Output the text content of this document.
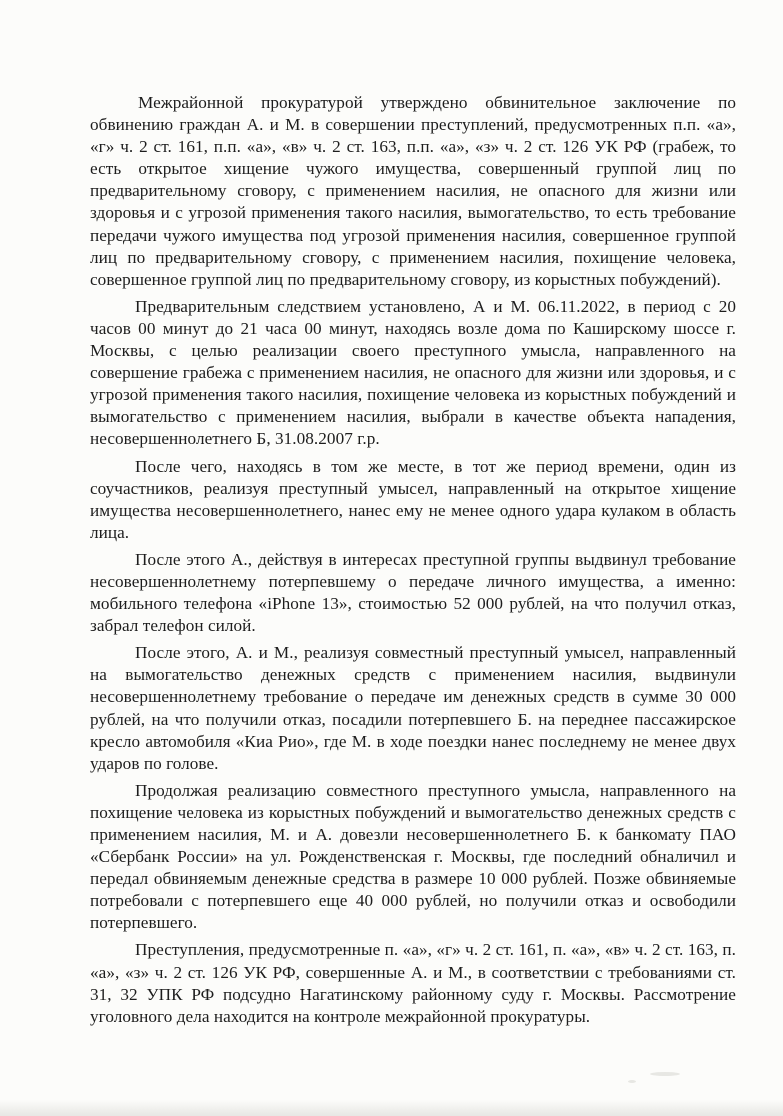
Межрайонной прокуратурой утверждено обвинительное заключение по обвинению граждан А. и М. в совершении преступлений, предусмотренных п.п. «а», «г» ч. 2 ст. 161, п.п. «а», «в» ч. 2 ст. 163, п.п. «а», «з» ч. 2 ст. 126 УК РФ (грабеж, то есть открытое хищение чужого имущества, совершенный группой лиц по предварительному сговору, с применением насилия, не опасного для жизни или здоровья и с угрозой применения такого насилия, вымогательство, то есть требование передачи чужого имущества под угрозой применения насилия, совершенное группой лиц по предварительному сговору, с применением насилия, похищение человека, совершенное группой лиц по предварительному сговору, из корыстных побуждений).

Предварительным следствием установлено, А и М. 06.11.2022, в период с 20 часов 00 минут до 21 часа 00 минут, находясь возле дома по Каширскому шоссе г. Москвы, с целью реализации своего преступного умысла, направленного на совершение грабежа с применением насилия, не опасного для жизни или здоровья, и с угрозой применения такого насилия, похищение человека из корыстных побуждений и вымогательство с применением насилия, выбрали в качестве объекта нападения, несовершеннолетнего Б, 31.08.2007 г.р.

После чего, находясь в том же месте, в тот же период времени, один из соучастников, реализуя преступный умысел, направленный на открытое хищение имущества несовершеннолетнего, нанес ему не менее одного удара кулаком в область лица.

После этого А., действуя в интересах преступной группы выдвинул требование несовершеннолетнему потерпевшему о передаче личного имущества, а именно: мобильного телефона «iPhone 13», стоимостью 52 000 рублей, на что получил отказ, забрал телефон силой.

После этого, А. и М., реализуя совместный преступный умысел, направленный на вымогательство денежных средств с применением насилия, выдвинули несовершеннолетнему требование о передаче им денежных средств в сумме 30 000 рублей, на что получили отказ, посадили потерпевшего Б. на переднее пассажирское кресло автомобиля «Киа Рио», где М. в ходе поездки нанес последнему не менее двух ударов по голове.

Продолжая реализацию совместного преступного умысла, направленного на похищение человека из корыстных побуждений и вымогательство денежных средств с применением насилия, М. и А. довезли несовершеннолетнего Б. к банкомату ПАО «Сбербанк России» на ул. Рожденственская г. Москвы, где последний обналичил и передал обвиняемым денежные средства в размере 10 000 рублей. Позже обвиняемые потребовали с потерпевшего еще 40 000 рублей, но получили отказ и освободили потерпевшего.

Преступления, предусмотренные п. «а», «г» ч. 2 ст. 161, п. «а», «в» ч. 2 ст. 163, п. «а», «з» ч. 2 ст. 126 УК РФ, совершенные А. и М., в соответствии с требованиями ст. 31, 32 УПК РФ подсудно Нагатинскому районному суду г. Москвы. Рассмотрение уголовного дела находится на контроле межрайонной прокуратуры.
